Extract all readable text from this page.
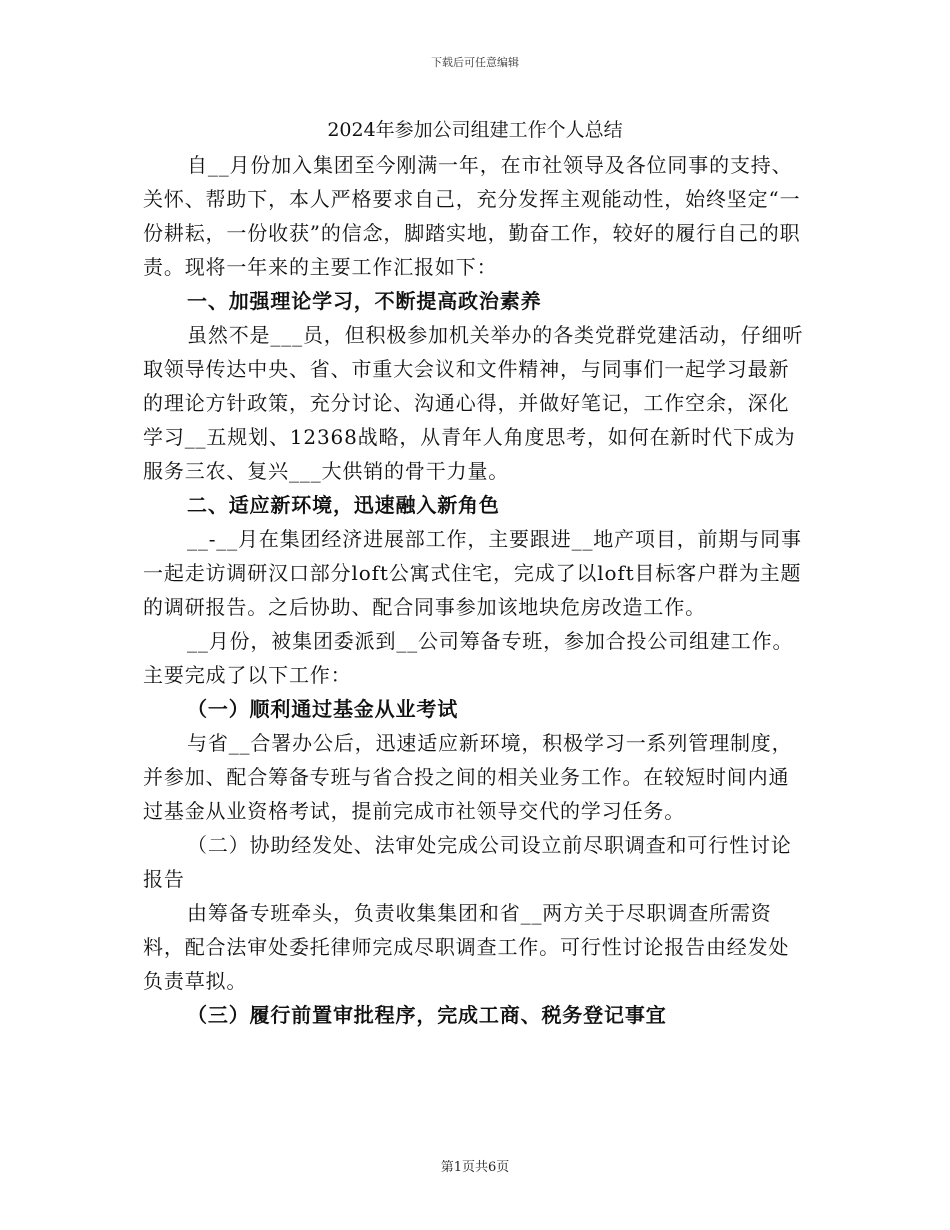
下载后可任意编辑
2024年参加公司组建工作个人总结

自__月份加入集团至今刚满一年，在市社领导及各位同事的支持、关怀、帮助下，本人严格要求自己，充分发挥主观能动性，始终坚定“一份耕耘，一份收获”的信念，脚踏实地，勤奋工作，较好的履行自己的职责。现将一年来的主要工作汇报如下：

一、加强理论学习，不断提高政治素养

虽然不是___员，但积极参加机关举办的各类党群党建活动，仔细听取领导传达中央、省、市重大会议和文件精神，与同事们一起学习最新的理论方针政策，充分讨论、沟通心得，并做好笔记，工作空余，深化学习__五规划、12368战略，从青年人角度思考，如何在新时代下成为服务三农、复兴___大供销的骨干力量。

二、适应新环境，迅速融入新角色

__-__月在集团经济进展部工作，主要跟进__地产项目，前期与同事一起走访调研汉口部分loft公寓式住宅，完成了以loft目标客户群为主题的调研报告。之后协助、配合同事参加该地块危房改造工作。

__月份，被集团委派到__公司筹备专班，参加合投公司组建工作。主要完成了以下工作：

（一）顺利通过基金从业考试

与省__合署办公后，迅速适应新环境，积极学习一系列管理制度，并参加、配合筹备专班与省合投之间的相关业务工作。在较短时间内通过基金从业资格考试，提前完成市社领导交代的学习任务。

（二）协助经发处、法审处完成公司设立前尽职调查和可行性讨论报告

由筹备专班牵头，负责收集集团和省__两方关于尽职调查所需资料，配合法审处委托律师完成尽职调查工作。可行性讨论报告由经发处负责草拟。

（三）履行前置审批程序，完成工商、税务登记事宜

第1页共6页
